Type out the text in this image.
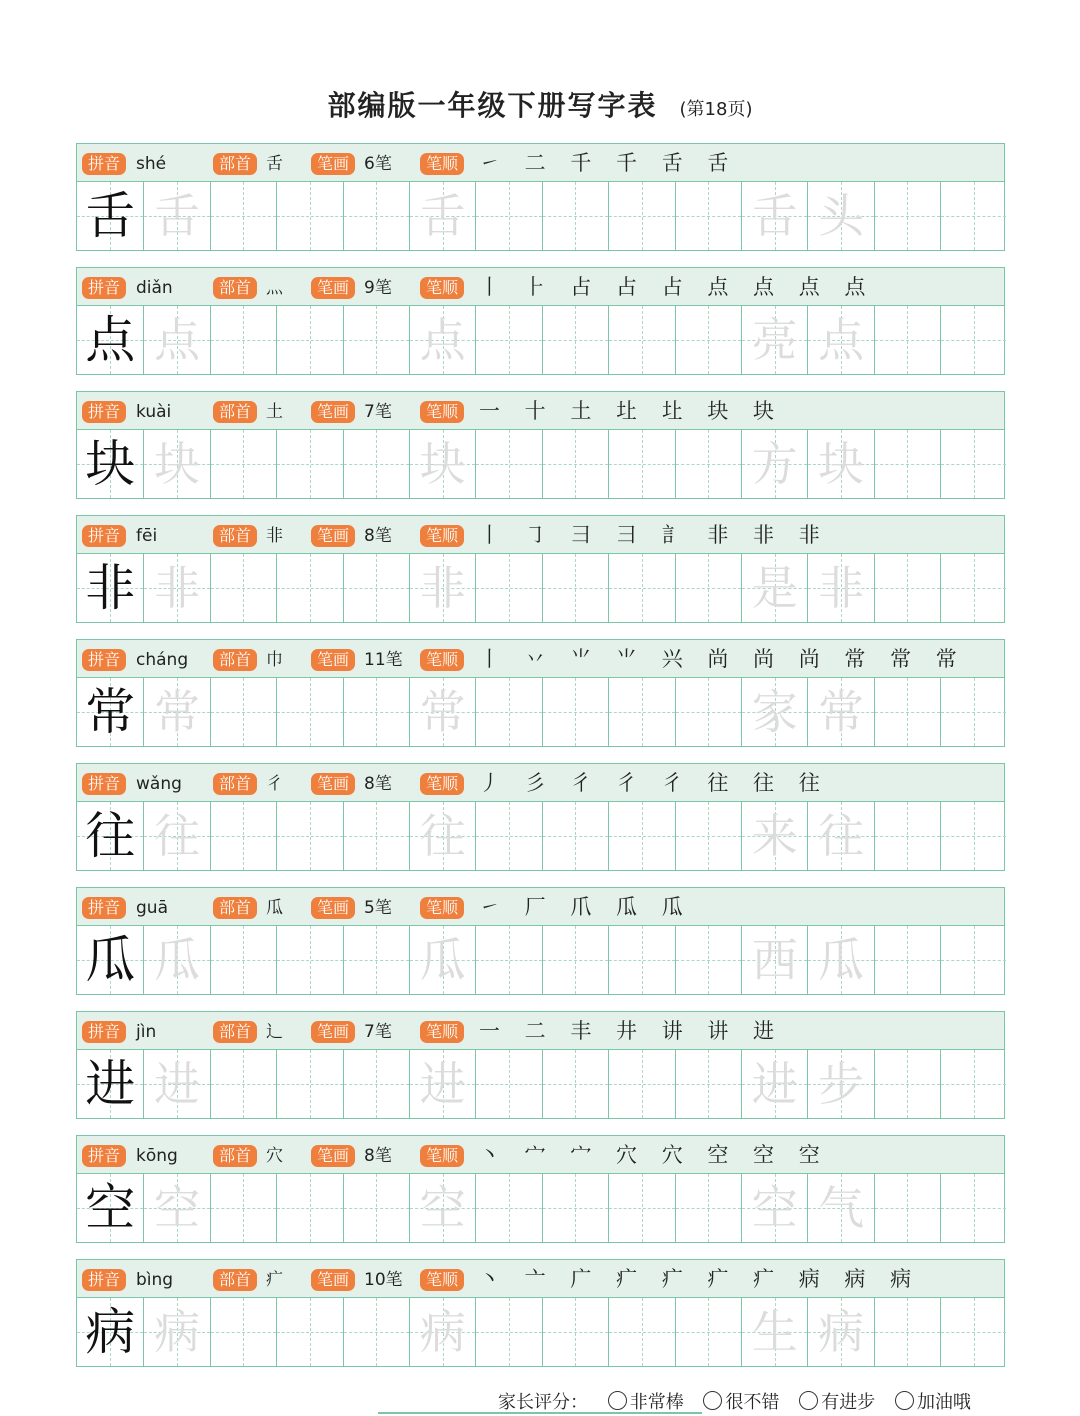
部编版一年级下册写字表 (第18页)
拼音 shé	部首 舌	笔画 6笔	笔顺 ㇀ 二 千 千 舌 舌
舌 舌	舌	舌 头
拼音 diǎn	部首 灬	笔画 9笔	笔顺 丨 ⺊ 占 占 占 点 点 点 点
点 点	点	亮 点
拼音 kuài	部首 土	笔画 7笔	笔顺 一 十 土 圵 圵 块 块
块 块	块	方 块
拼音 fēi	部首 非	笔画 8笔	笔顺 丨 ㇆ 彐 彐 訁 非 非 非
非 非	非	是 非
拼音 cháng	部首 巾	笔画 11笔	笔顺 丨 丷 ⺌ ⺌ 兴 尚 尚 尚 常 常 常
常 常	常	家 常
拼音 wǎng	部首 彳	笔画 8笔	笔顺 丿 彡 彳 彳 彳 往 往 往
往 往	往	来 往
拼音 guā	部首 瓜	笔画 5笔	笔顺 ㇀ 厂 爪 瓜 瓜
瓜 瓜	瓜	西 瓜
拼音 jìn	部首 辶	笔画 7笔	笔顺 一 二 丰 井 讲 讲 进
进 进	进	进 步
拼音 kōng	部首 穴	笔画 8笔	笔顺 丶 宀 宀 穴 穴 空 空 空
空 空	空	空 气
拼音 bìng	部首 疒	笔画 10笔	笔顺 丶 亠 广 疒 疒 疒 疒 病 病 病
病 病	病	生 病
家长评分： 非常棒 很不错 有进步 加油哦
